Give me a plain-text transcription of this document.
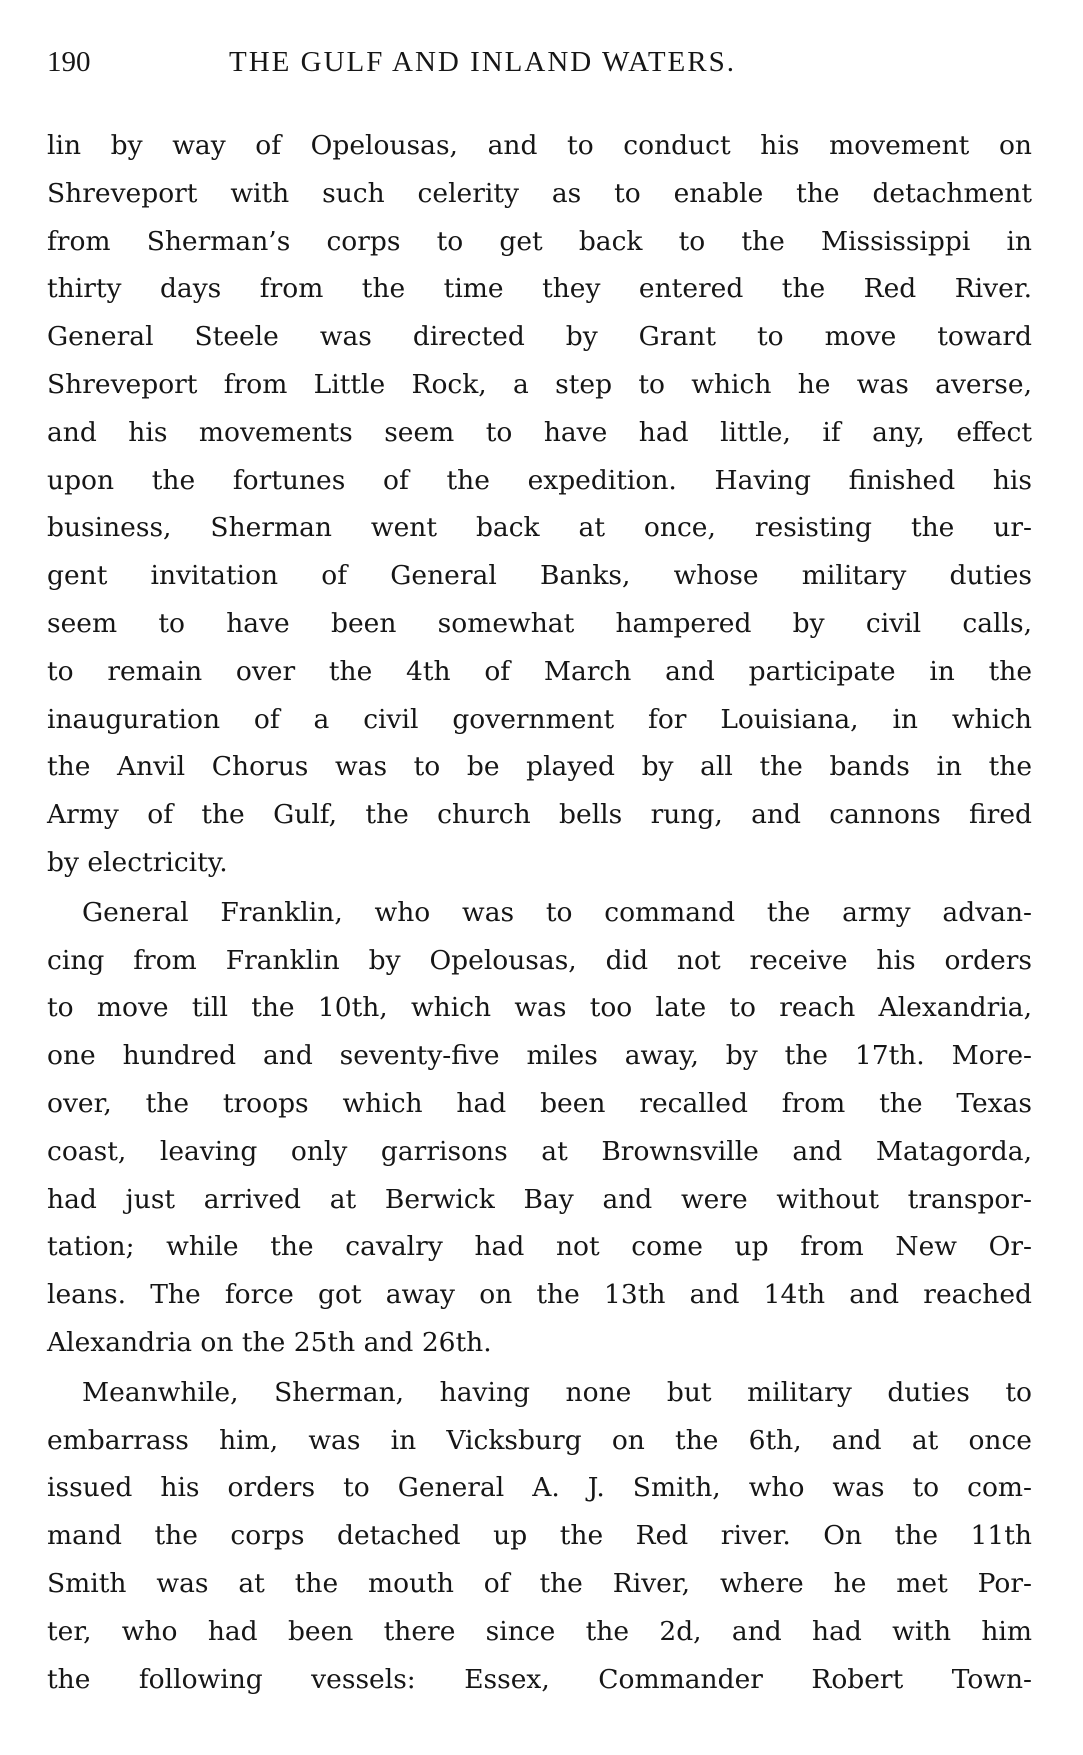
190	THE GULF AND INLAND WATERS.
lin by way of Opelousas, and to conduct his movement on
Shreveport with such celerity as to enable the detachment
from Sherman’s corps to get back to the Mississippi in
thirty days from the time they entered the Red River.
General Steele was directed by Grant to move toward
Shreveport from Little Rock, a step to which he was averse,
and his movements seem to have had little, if any, effect
upon the fortunes of the expedition. Having finished his
business, Sherman went back at once, resisting the ur-
gent invitation of General Banks, whose military duties
seem to have been somewhat hampered by civil calls,
to remain over the 4th of March and participate in the
inauguration of a civil government for Louisiana, in which
the Anvil Chorus was to be played by all the bands in the
Army of the Gulf, the church bells rung, and cannons fired
by electricity.
General Franklin, who was to command the army advan-
cing from Franklin by Opelousas, did not receive his orders
to move till the 10th, which was too late to reach Alexandria,
one hundred and seventy-five miles away, by the 17th. More-
over, the troops which had been recalled from the Texas
coast, leaving only garrisons at Brownsville and Matagorda,
had just arrived at Berwick Bay and were without transpor-
tation; while the cavalry had not come up from New Or-
leans. The force got away on the 13th and 14th and reached
Alexandria on the 25th and 26th.
Meanwhile, Sherman, having none but military duties to
embarrass him, was in Vicksburg on the 6th, and at once
issued his orders to General A. J. Smith, who was to com-
mand the corps detached up the Red river. On the 11th
Smith was at the mouth of the River, where he met Por-
ter, who had been there since the 2d, and had with him
the following vessels: Essex, Commander Robert Town-
